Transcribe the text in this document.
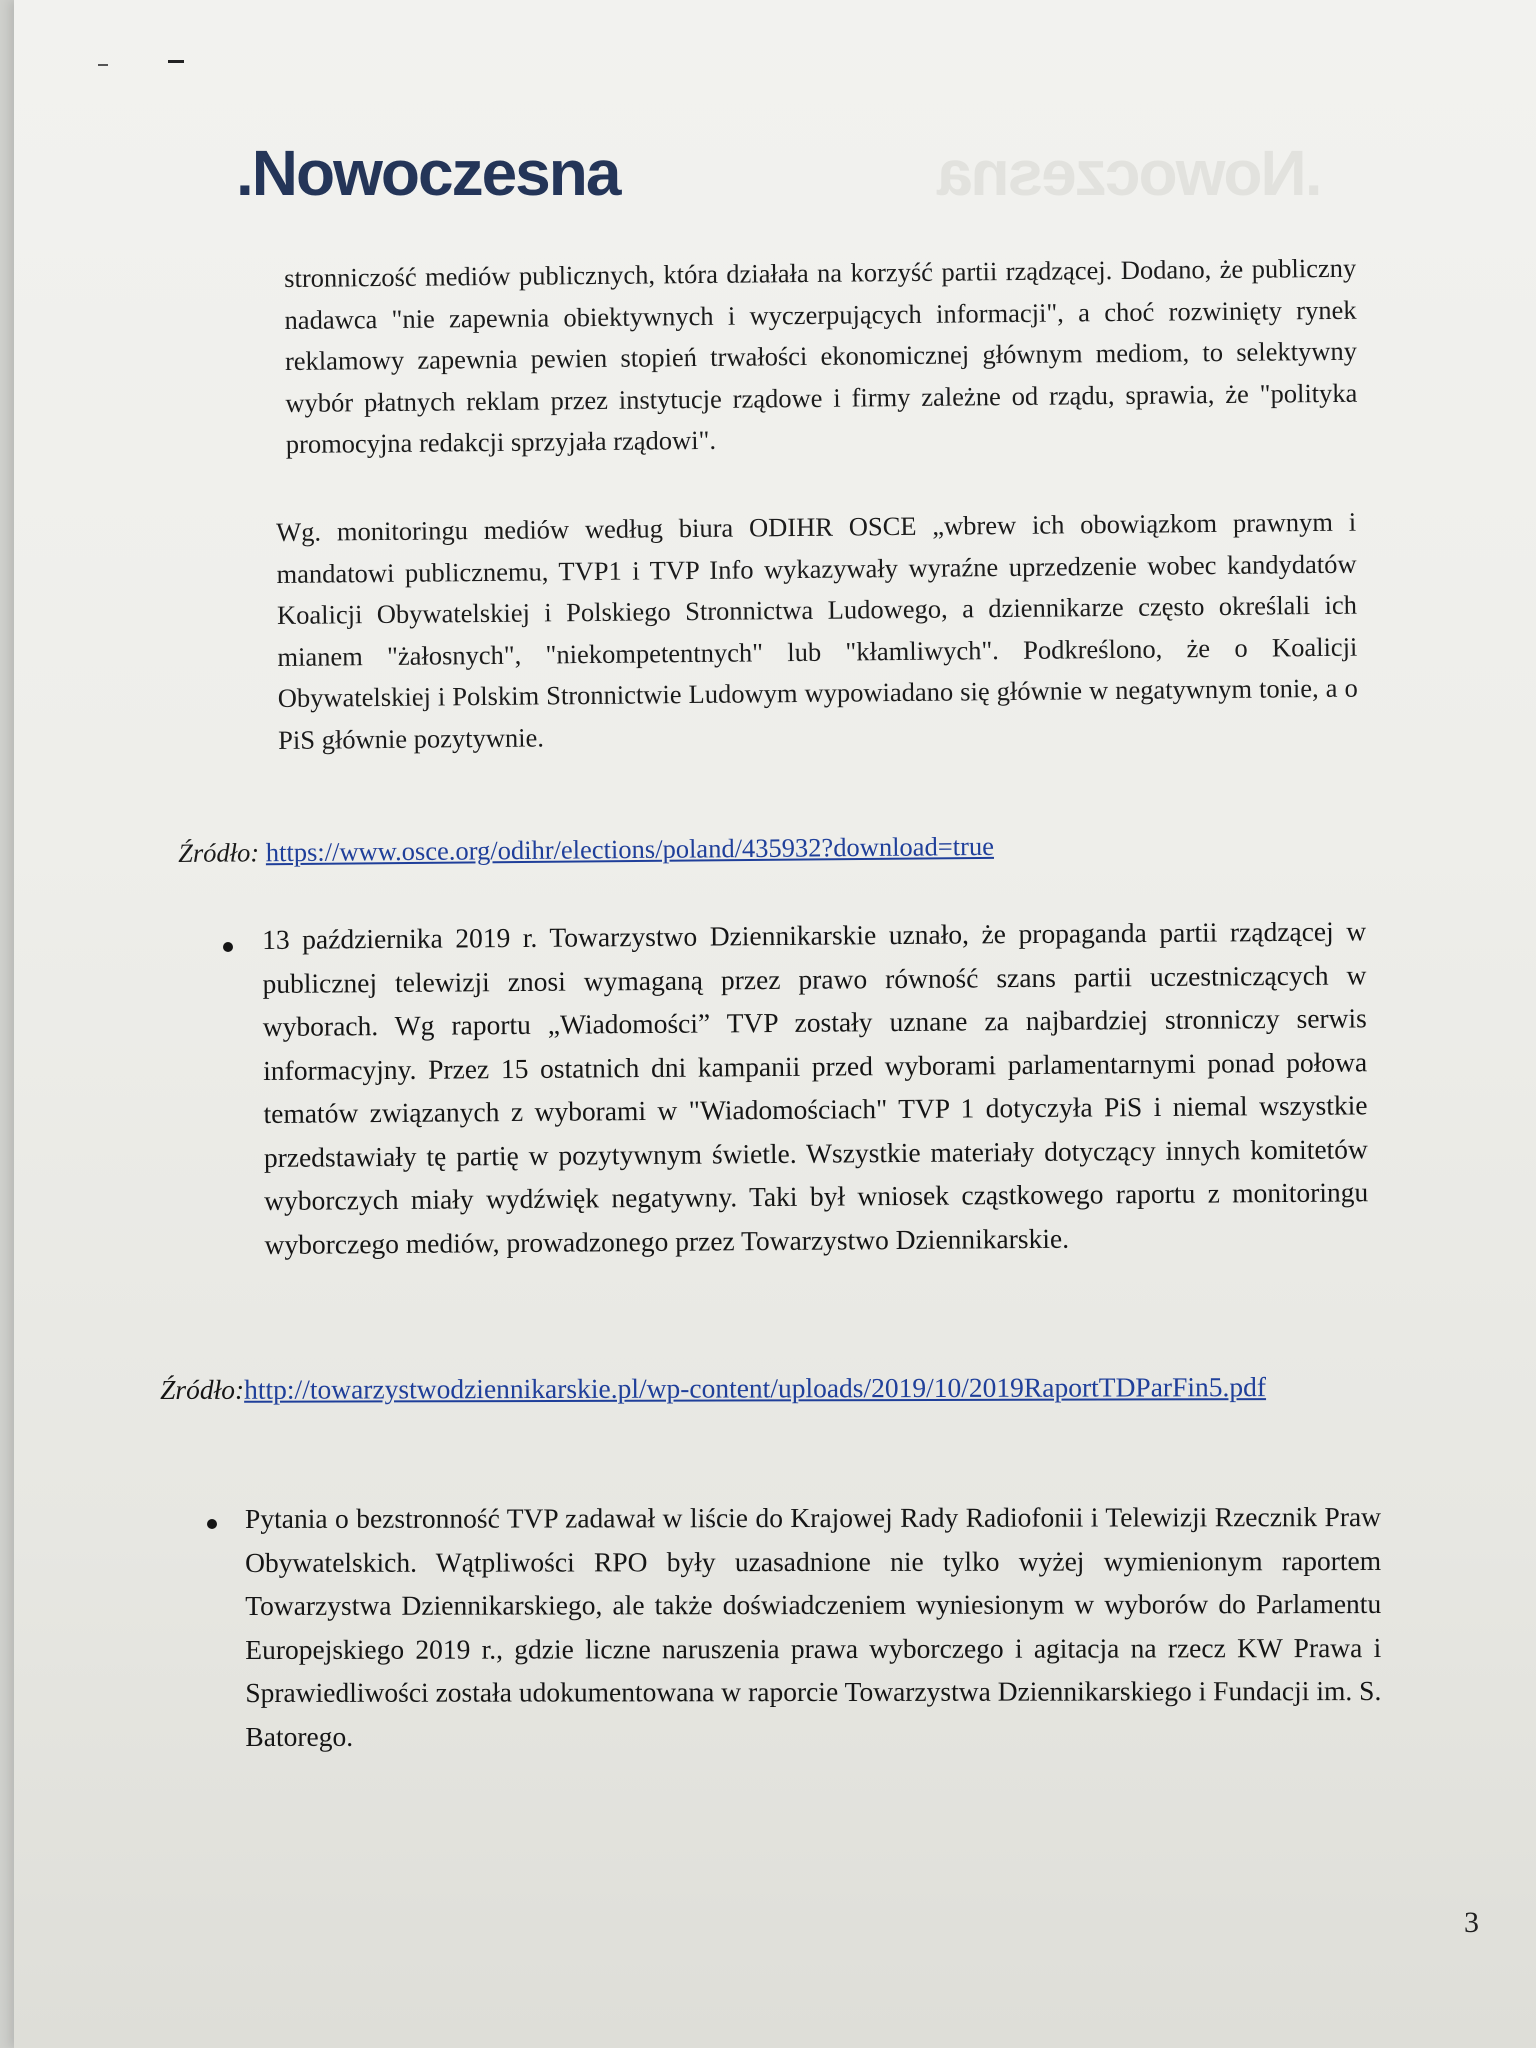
.Nowoczesna
.Nowoczesna

stronniczość mediów publicznych, która działała na korzyść partii rządzącej. Dodano, że publiczny nadawca "nie zapewnia obiektywnych i wyczerpujących informacji", a choć rozwinięty rynek reklamowy zapewnia pewien stopień trwałości ekonomicznej głównym mediom, to selektywny wybór płatnych reklam przez instytucje rządowe i firmy zależne od rządu, sprawia, że "polityka promocyjna redakcji sprzyjała rządowi".

Wg. monitoringu mediów według biura ODIHR OSCE „wbrew ich obowiązkom prawnym i mandatowi publicznemu, TVP1 i TVP Info wykazywały wyraźne uprzedzenie wobec kandydatów Koalicji Obywatelskiej i Polskiego Stronnictwa Ludowego, a dziennikarze często określali ich mianem "żałosnych", "niekompetentnych" lub "kłamliwych". Podkreślono, że o Koalicji Obywatelskiej i Polskim Stronnictwie Ludowym wypowiadano się głównie w negatywnym tonie, a o PiS głównie pozytywnie.

Źródło: https://www.osce.org/odihr/elections/poland/435932?download=true

13 października 2019 r. Towarzystwo Dziennikarskie uznało, że propaganda partii rządzącej w publicznej telewizji znosi wymaganą przez prawo równość szans partii uczestniczących w wyborach. Wg raportu „Wiadomości” TVP zostały uznane za najbardziej stronniczy serwis informacyjny. Przez 15 ostatnich dni kampanii przed wyborami parlamentarnymi ponad połowa tematów związanych z wyborami w "Wiadomościach" TVP 1 dotyczyła PiS i niemal wszystkie przedstawiały tę partię w pozytywnym świetle. Wszystkie materiały dotyczący innych komitetów wyborczych miały wydźwięk negatywny. Taki był wniosek cząstkowego raportu z monitoringu wyborczego mediów, prowadzonego przez Towarzystwo Dziennikarskie.

Źródło:http://towarzystwodziennikarskie.pl/wp-content/uploads/2019/10/2019RaportTDParFin5.pdf

Pytania o bezstronność TVP zadawał w liście do Krajowej Rady Radiofonii i Telewizji Rzecznik Praw Obywatelskich. Wątpliwości RPO były uzasadnione nie tylko wyżej wymienionym raportem Towarzystwa Dziennikarskiego, ale także doświadczeniem wyniesionym w wyborów do Parlamentu Europejskiego 2019 r., gdzie liczne naruszenia prawa wyborczego i agitacja na rzecz KW Prawa i Sprawiedliwości została udokumentowana w raporcie Towarzystwa Dziennikarskiego i Fundacji im. S. Batorego.

3
